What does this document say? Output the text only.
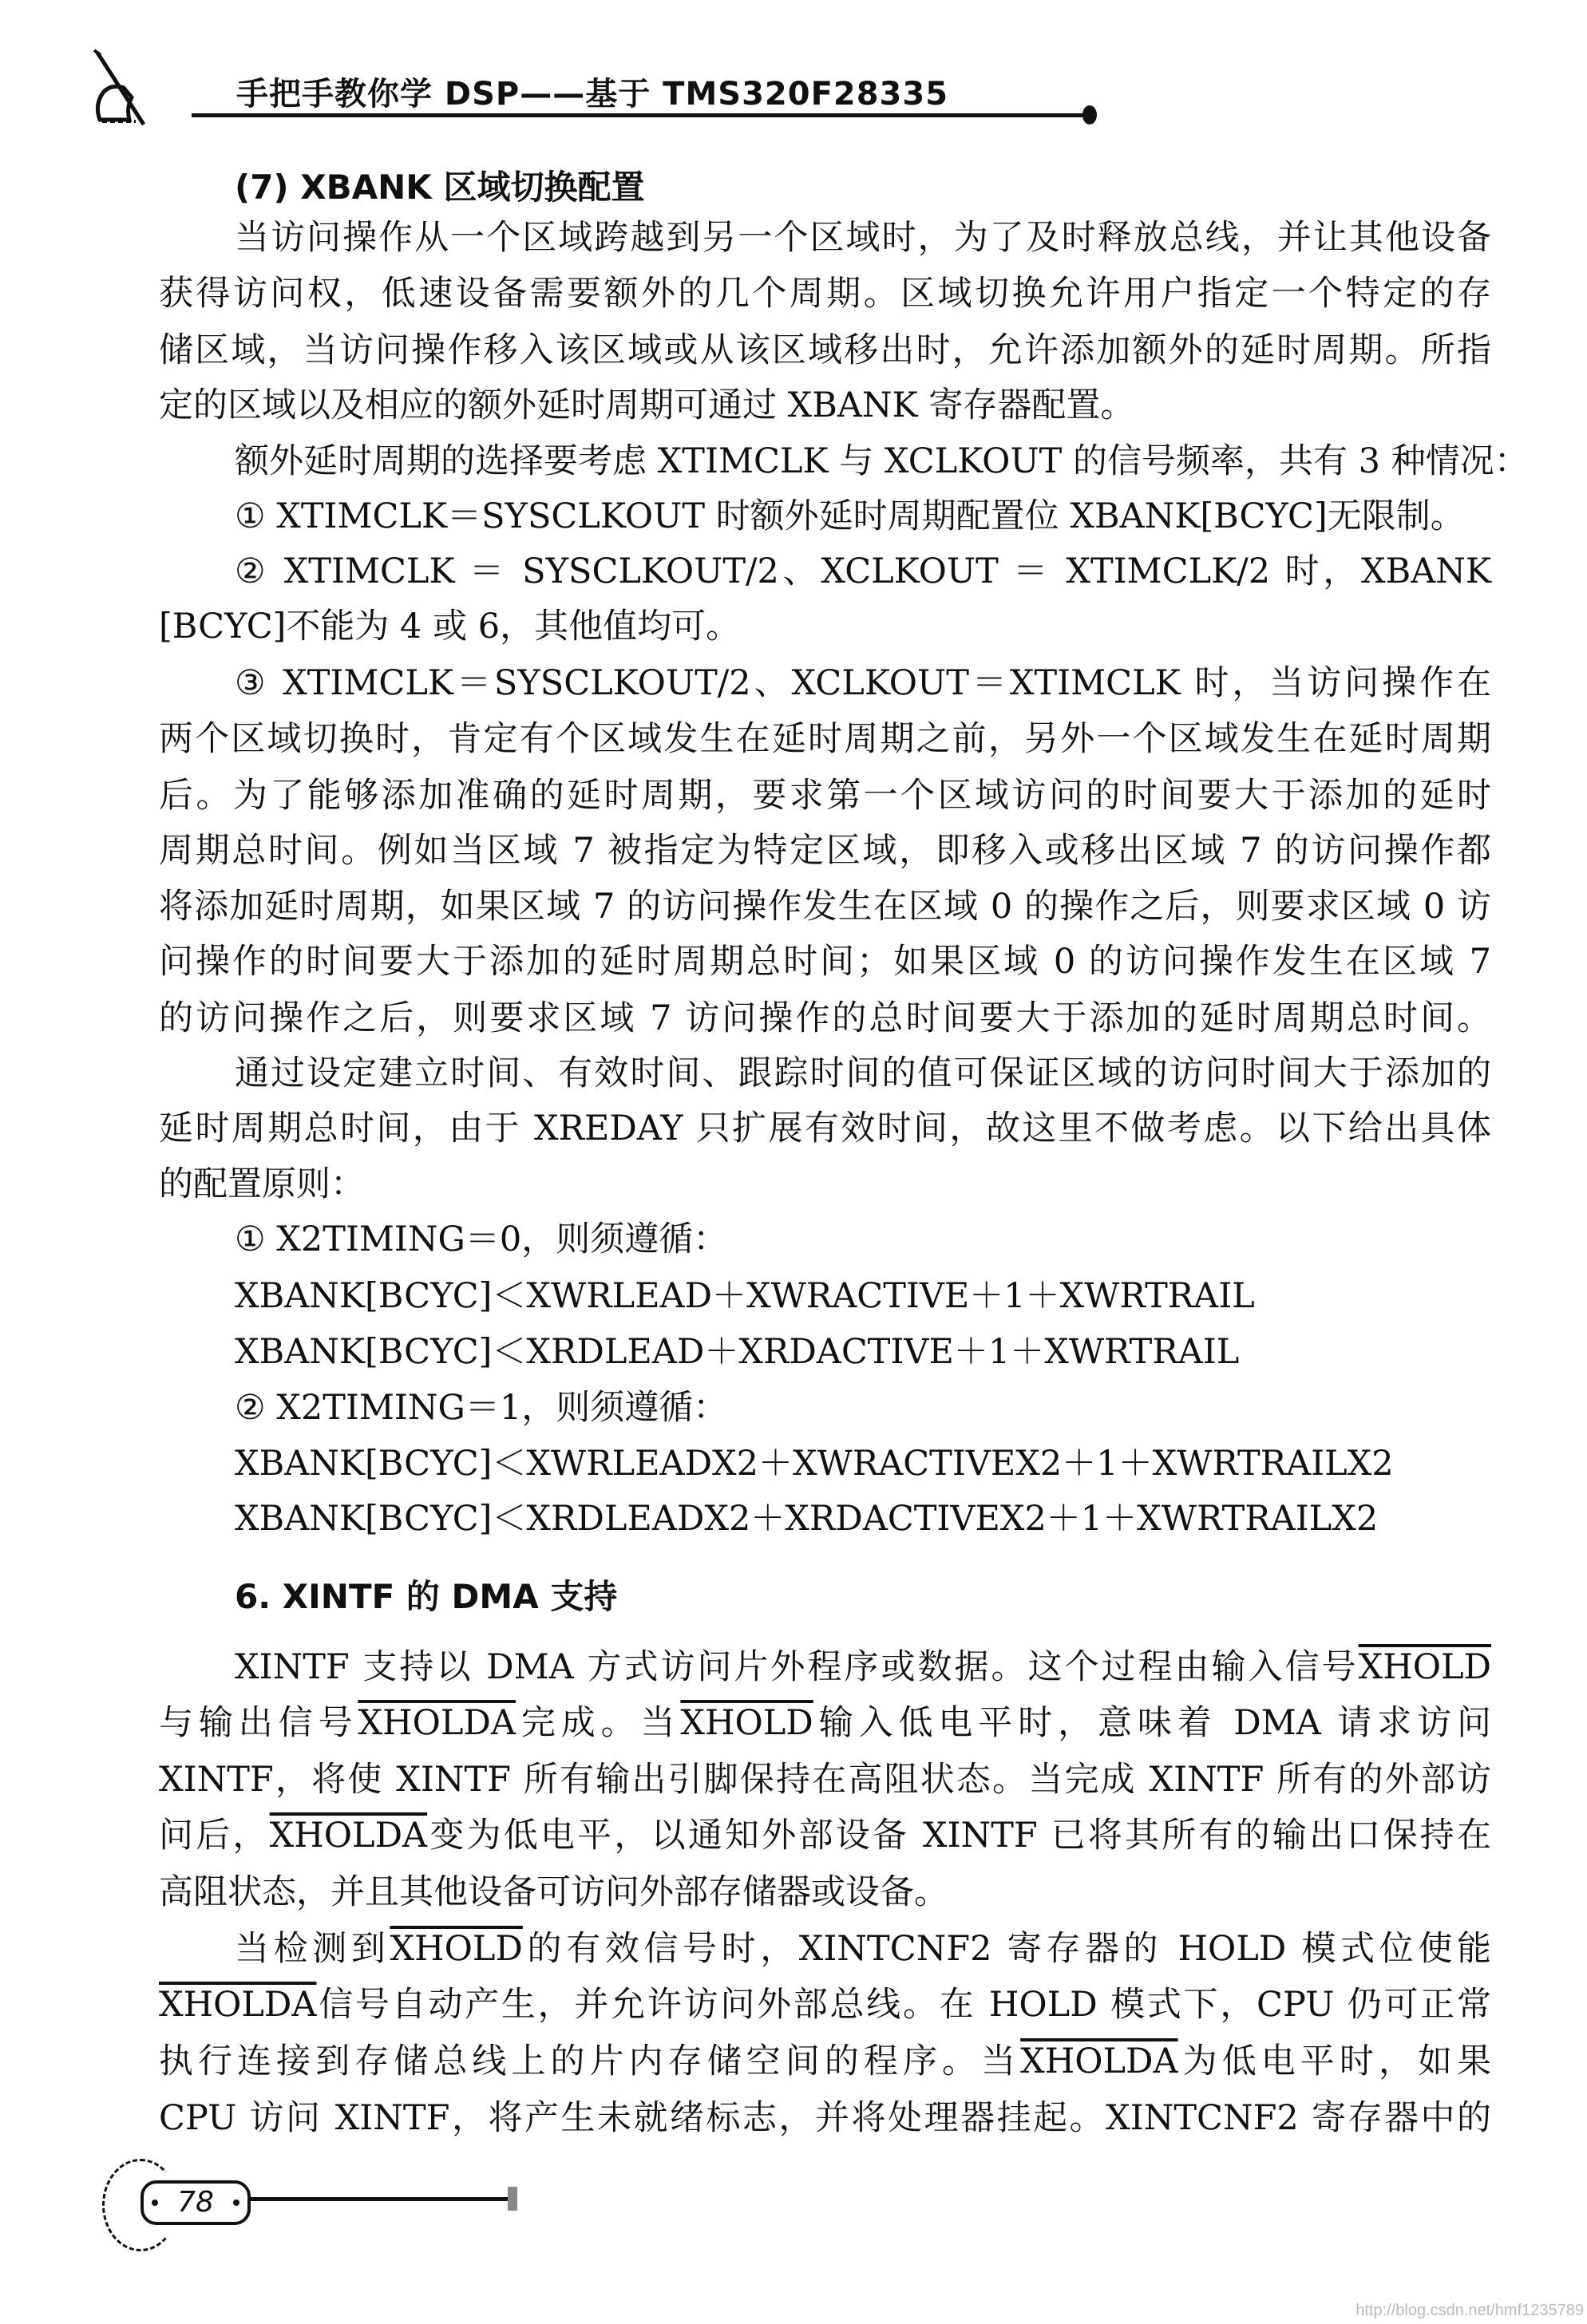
手把手教你学 DSP——基于 TMS320F28335
(7) XBANK 区域切换配置
6. XINTF 的 DMA 支持
当访问操作从一个区域跨越到另一个区域时，为了及时释放总线，并让其他设备
获得访问权，低速设备需要额外的几个周期。区域切换允许用户指定一个特定的存
储区域，当访问操作移入该区域或从该区域移出时，允许添加额外的延时周期。所指
定的区域以及相应的额外延时周期可通过 XBANK 寄存器配置。
额外延时周期的选择要考虑 XTIMCLK 与 XCLKOUT 的信号频率，共有 3 种情况：
① XTIMCLK＝SYSCLKOUT 时额外延时周期配置位 XBANK[BCYC]无限制。
② XTIMCLK ＝ SYSCLKOUT/2、XCLKOUT ＝ XTIMCLK/2 时，XBANK
[BCYC]不能为 4 或 6，其他值均可。
③ XTIMCLK＝SYSCLKOUT/2、XCLKOUT＝XTIMCLK 时，当访问操作在
两个区域切换时，肯定有个区域发生在延时周期之前，另外一个区域发生在延时周期
后。为了能够添加准确的延时周期，要求第一个区域访问的时间要大于添加的延时
周期总时间。例如当区域 7 被指定为特定区域，即移入或移出区域 7 的访问操作都
将添加延时周期，如果区域 7 的访问操作发生在区域 0 的操作之后，则要求区域 0 访
问操作的时间要大于添加的延时周期总时间；如果区域 0 的访问操作发生在区域 7
的访问操作之后，则要求区域 7 访问操作的总时间要大于添加的延时周期总时间。
通过设定建立时间、有效时间、跟踪时间的值可保证区域的访问时间大于添加的
延时周期总时间，由于 XREDAY 只扩展有效时间，故这里不做考虑。以下给出具体
的配置原则：
① X2TIMING＝0，则须遵循：
XBANK[BCYC]＜XWRLEAD＋XWRACTIVE＋1＋XWRTRAIL
XBANK[BCYC]＜XRDLEAD＋XRDACTIVE＋1＋XWRTRAIL
② X2TIMING＝1，则须遵循：
XBANK[BCYC]＜XWRLEADX2＋XWRACTIVEX2＋1＋XWRTRAILX2
XBANK[BCYC]＜XRDLEADX2＋XRDACTIVEX2＋1＋XWRTRAILX2
XINTF 支持以 DMA 方式访问片外程序或数据。这个过程由输入信号XHOLD
与输出信号XHOLDA完成。当XHOLD输入低电平时，意味着 DMA 请求访问
XINTF，将使 XINTF 所有输出引脚保持在高阻状态。当完成 XINTF 所有的外部访
问后，XHOLDA变为低电平，以通知外部设备 XINTF 已将其所有的输出口保持在
高阻状态，并且其他设备可访问外部存储器或设备。
当检测到XHOLD的有效信号时，XINTCNF2 寄存器的 HOLD 模式位使能
XHOLDA信号自动产生，并允许访问外部总线。在 HOLD 模式下，CPU 仍可正常
执行连接到存储总线上的片内存储空间的程序。当XHOLDA为低电平时，如果
CPU 访问 XINTF，将产生未就绪标志，并将处理器挂起。XINTCNF2 寄存器中的
78
http://blog.csdn.net/hmf1235789
